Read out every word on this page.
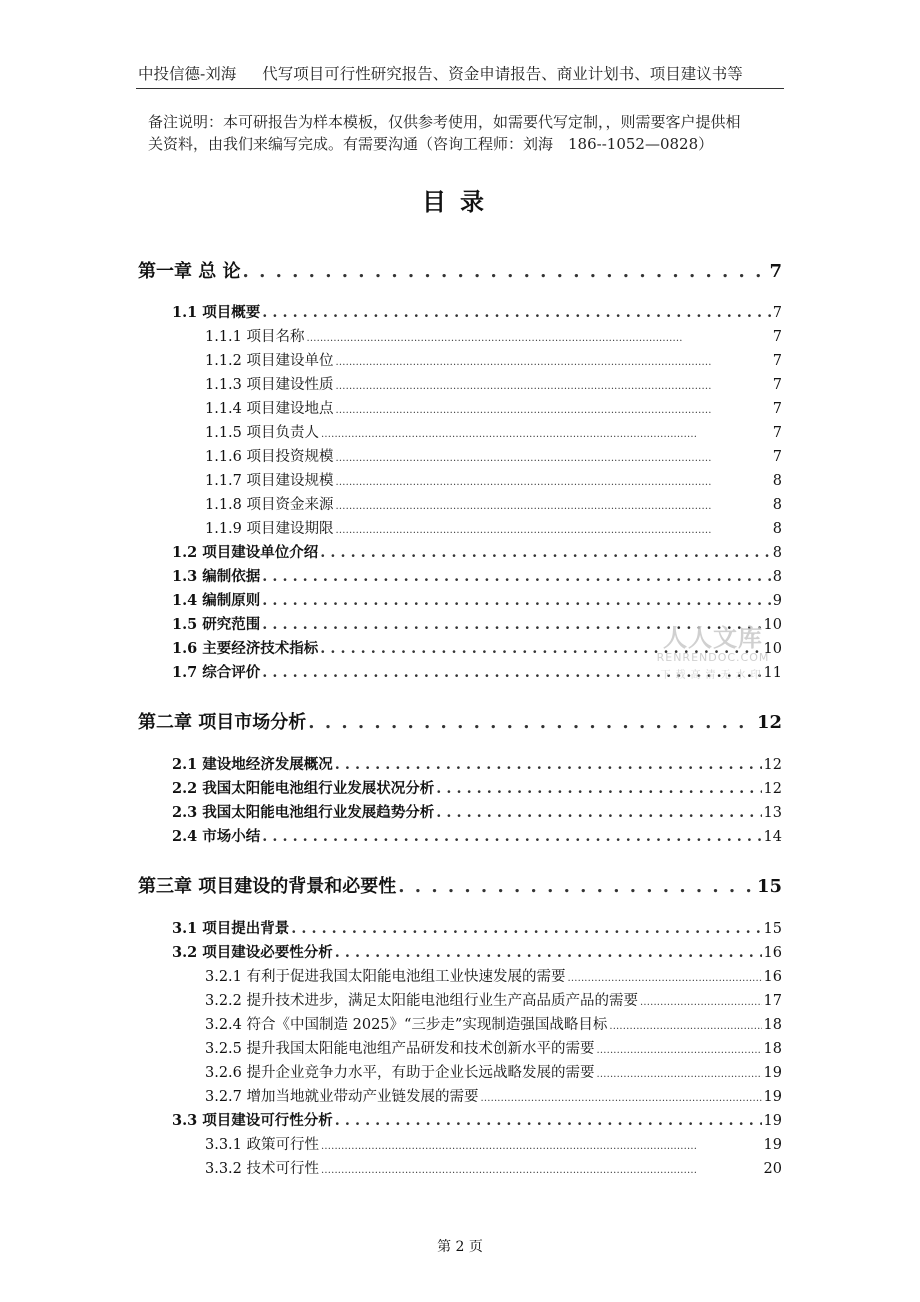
中投信德-刘海 代写项目可行性研究报告、资金申请报告、商业计划书、项目建议书等
备注说明：本可研报告为样本模板，仅供参考使用，如需要代写定制，，则需要客户提供相
关资料，由我们来编写完成。有需要沟通（咨询工程师：刘海　186--1052—0828）
目录
第一章 总 论 . . .	7
1.1 项目概要 . . .	7
1.1.1 项目名称 . . .	7
1.1.2 项目建设单位 . . .	7
1.1.3 项目建设性质 . . .	7
1.1.4 项目建设地点 . . .	7
1.1.5 项目负责人 . . .	7
1.1.6 项目投资规模 . . .	7
1.1.7 项目建设规模 . . .	8
1.1.8 项目资金来源 . . .	8
1.1.9 项目建设期限 . . .	8
1.2 项目建设单位介绍 . . .	8
1.3 编制依据 . . .	8
1.4 编制原则 . . .	9
1.5 研究范围 . . .	10
1.6 主要经济技术指标 . . .	10
1.7 综合评价 . . .	11
第二章 项目市场分析 . . .	12
2.1 建设地经济发展概况 . . .	12
2.2 我国太阳能电池组行业发展状况分析 . . .	12
2.3 我国太阳能电池组行业发展趋势分析 . . .	13
2.4 市场小结 . . .	14
第三章 项目建设的背景和必要性 . . .	15
3.1 项目提出背景 . . .	15
3.2 项目建设必要性分析 . . .	16
3.2.1 有利于促进我国太阳能电池组工业快速发展的需要 . . .	16
3.2.2 提升技术进步，满足太阳能电池组行业生产高品质产品的需要 . . .	17
3.2.4 符合《中国制造 2025》“三步走”实现制造强国战略目标 . . .	18
3.2.5 提升我国太阳能电池组产品研发和技术创新水平的需要 . . .	18
3.2.6 提升企业竞争力水平，有助于企业长远战略发展的需要 . . .	19
3.2.7 增加当地就业带动产业链发展的需要 . . .	19
3.3 项目建设可行性分析 . . .	19
3.3.1 政策可行性 . . .	19
3.3.2 技术可行性 . . .	20
人人文库
RENRENDOC.COM
下载高清无水印
第 2 页
